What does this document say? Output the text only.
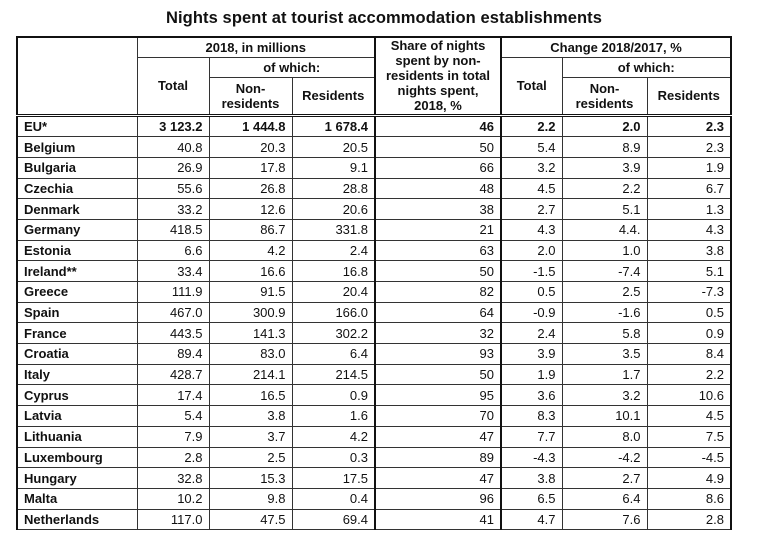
Nights spent at tourist accommodation establishments
	2018, in millions			Share of nights spent by non-residents in total nights spent, 2018, %	Change 2018/2017, %		
	Total	of which:			Total	of which:	
		Non-residents	Residents			Non-residents	Residents
EU*	3 123.2	1 444.8	1 678.4	46	2.2	2.0	2.3
Belgium	40.8	20.3	20.5	50	5.4	8.9	2.3
Bulgaria	26.9	17.8	9.1	66	3.2	3.9	1.9
Czechia	55.6	26.8	28.8	48	4.5	2.2	6.7
Denmark	33.2	12.6	20.6	38	2.7	5.1	1.3
Germany	418.5	86.7	331.8	21	4.3	4.4.	4.3
Estonia	6.6	4.2	2.4	63	2.0	1.0	3.8
Ireland**	33.4	16.6	16.8	50	-1.5	-7.4	5.1
Greece	111.9	91.5	20.4	82	0.5	2.5	-7.3
Spain	467.0	300.9	166.0	64	-0.9	-1.6	0.5
France	443.5	141.3	302.2	32	2.4	5.8	0.9
Croatia	89.4	83.0	6.4	93	3.9	3.5	8.4
Italy	428.7	214.1	214.5	50	1.9	1.7	2.2
Cyprus	17.4	16.5	0.9	95	3.6	3.2	10.6
Latvia	5.4	3.8	1.6	70	8.3	10.1	4.5
Lithuania	7.9	3.7	4.2	47	7.7	8.0	7.5
Luxembourg	2.8	2.5	0.3	89	-4.3	-4.2	-4.5
Hungary	32.8	15.3	17.5	47	3.8	2.7	4.9
Malta	10.2	9.8	0.4	96	6.5	6.4	8.6
Netherlands	117.0	47.5	69.4	41	4.7	7.6	2.8
